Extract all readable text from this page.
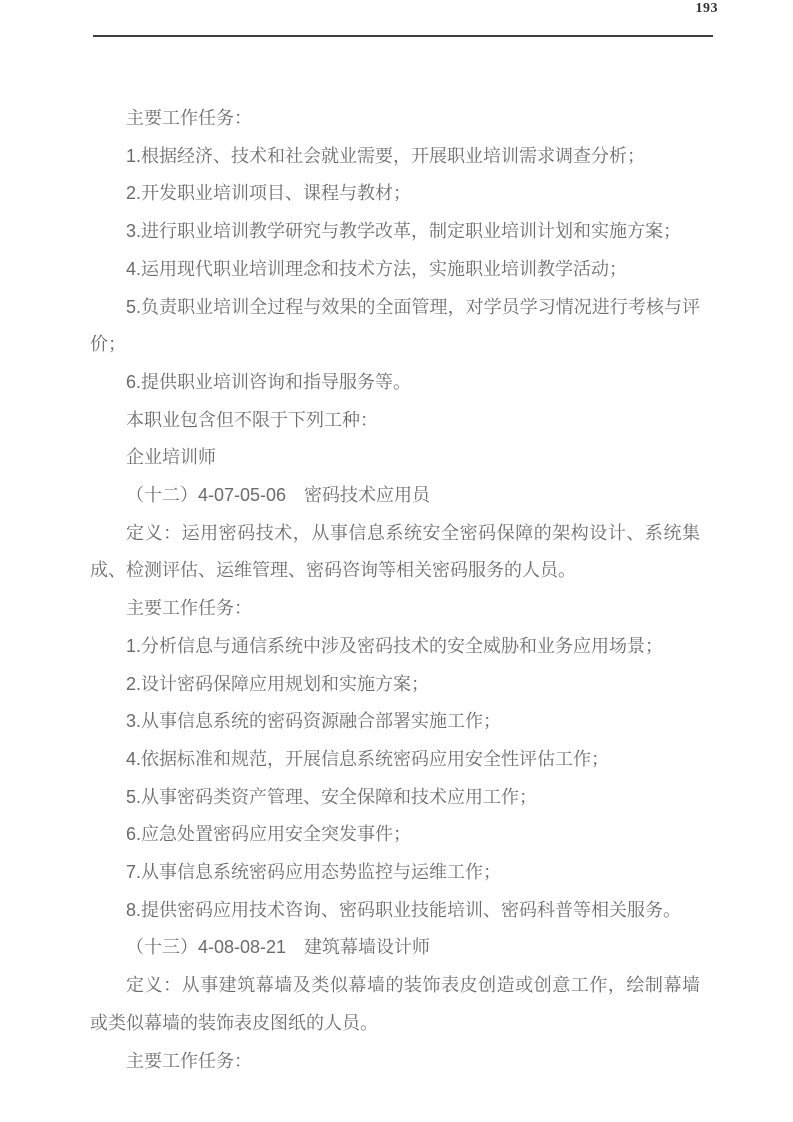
193

主要工作任务：

1.根据经济、技术和社会就业需要，开展职业培训需求调查分析；

2.开发职业培训项目、课程与教材；

3.进行职业培训教学研究与教学改革，制定职业培训计划和实施方案；

4.运用现代职业培训理念和技术方法，实施职业培训教学活动；

5.负责职业培训全过程与效果的全面管理，对学员学习情况进行考核与评价；

6.提供职业培训咨询和指导服务等。

本职业包含但不限于下列工种：

企业培训师

（十二）4-07-05-06　密码技术应用员

定义：运用密码技术，从事信息系统安全密码保障的架构设计、系统集成、检测评估、运维管理、密码咨询等相关密码服务的人员。

主要工作任务：

1.分析信息与通信系统中涉及密码技术的安全威胁和业务应用场景；

2.设计密码保障应用规划和实施方案；

3.从事信息系统的密码资源融合部署实施工作；

4.依据标准和规范，开展信息系统密码应用安全性评估工作；

5.从事密码类资产管理、安全保障和技术应用工作；

6.应急处置密码应用安全突发事件；

7.从事信息系统密码应用态势监控与运维工作；

8.提供密码应用技术咨询、密码职业技能培训、密码科普等相关服务。

（十三）4-08-08-21　建筑幕墙设计师

定义：从事建筑幕墙及类似幕墙的装饰表皮创造或创意工作，绘制幕墙或类似幕墙的装饰表皮图纸的人员。

主要工作任务：
